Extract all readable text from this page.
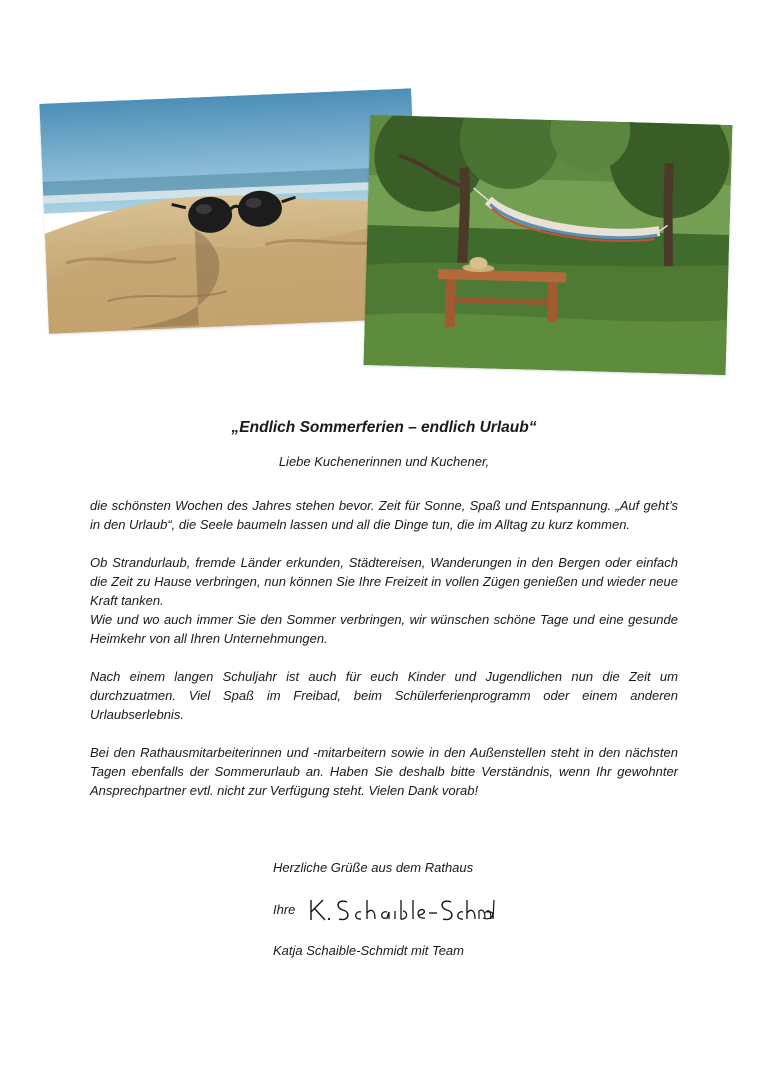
„Endlich Sommerferien – endlich Urlaub“
Liebe Kuchenerinnen und Kuchener,
die schönsten Wochen des Jahres stehen bevor. Zeit für Sonne, Spaß und Entspannung. „Auf geht’s in den Urlaub“, die Seele baumeln lassen und all die Dinge tun, die im Alltag zu kurz kommen.
Ob Strandurlaub, fremde Länder erkunden, Städtereisen, Wanderungen in den Bergen oder einfach die Zeit zu Hause verbringen, nun können Sie Ihre Freizeit in vollen Zügen genießen und wieder neue Kraft tanken.
Wie und wo auch immer Sie den Sommer verbringen, wir wünschen schöne Tage und eine gesunde Heimkehr von all Ihren Unternehmungen.
Nach einem langen Schuljahr ist auch für euch Kinder und Jugendlichen nun die Zeit um durchzuatmen. Viel Spaß im Freibad, beim Schülerferienprogramm oder einem anderen Urlaubserlebnis.
Bei den Rathausmitarbeiterinnen und -mitarbeitern sowie in den Außenstellen steht in den nächsten Tagen ebenfalls der Sommerurlaub an. Haben Sie deshalb bitte Verständnis, wenn Ihr gewohnter Ansprechpartner evtl. nicht zur Verfügung steht. Vielen Dank vorab!
Herzliche Grüße aus dem Rathaus
Ihre
Katja Schaible-Schmidt mit Team
